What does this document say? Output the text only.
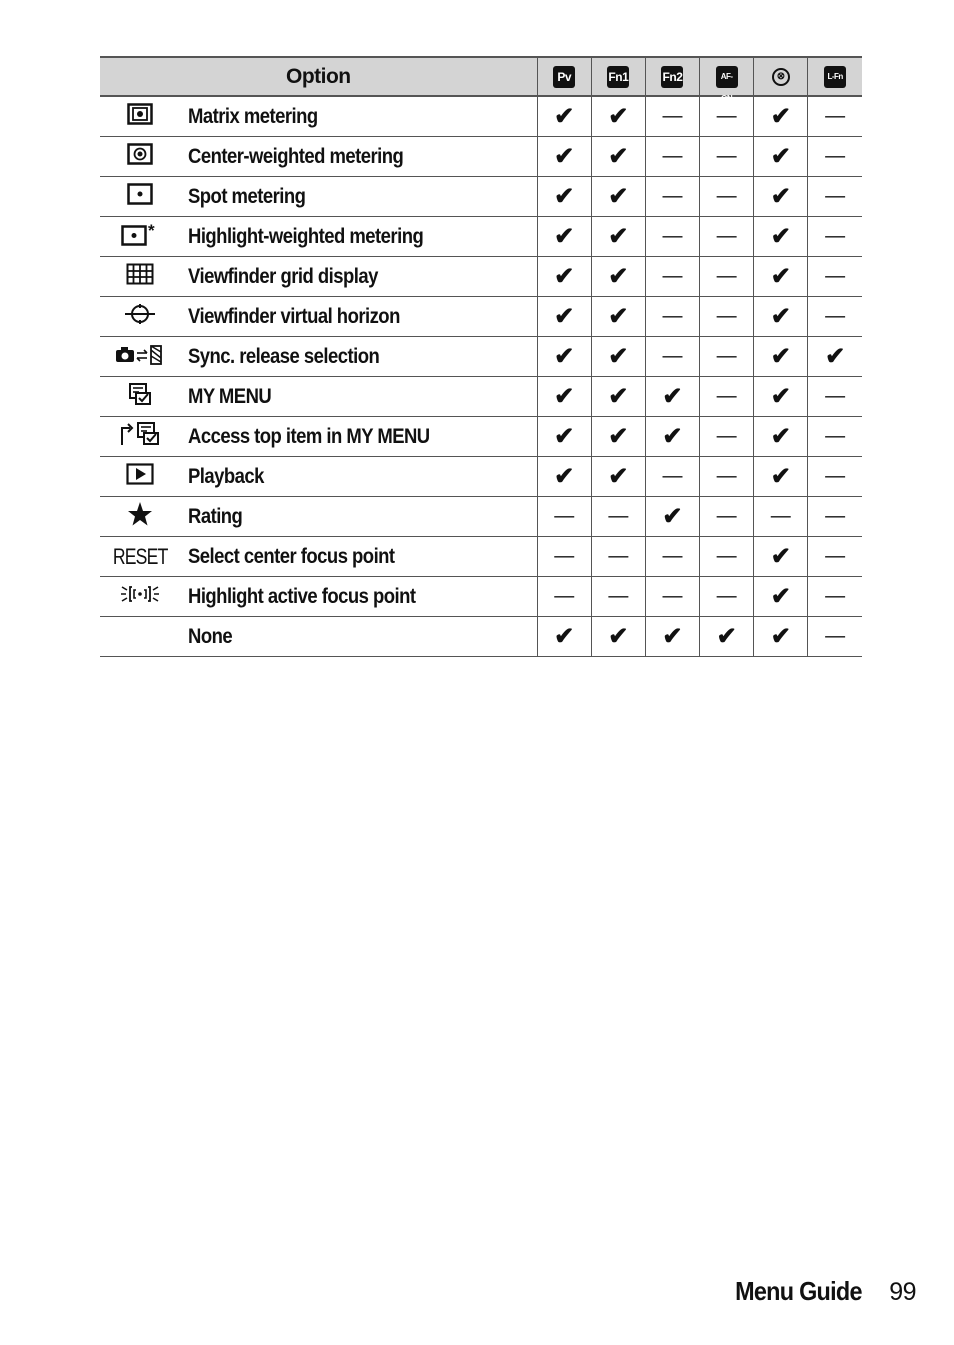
Option		Pv	Fn1	Fn2	AF-ON	⊗	L-Fn
	Matrix metering	✔	✔	—	—	✔	—
	Center-weighted metering	✔	✔	—	—	✔	—
	Spot metering	✔	✔	—	—	✔	—

*	Highlight-weighted metering	✔	✔	—	—	✔	—
	Viewfinder grid display	✔	✔	—	—	✔	—
	Viewfinder virtual horizon	✔	✔	—	—	✔	—
	Sync. release selection	✔	✔	—	—	✔	✔
	MY MENU	✔	✔	✔	—	✔	—
	Access top item in MY MENU	✔	✔	✔	—	✔	—
	Playback	✔	✔	—	—	✔	—
	Rating	—	—	✔	—	—	—
RESET	Select center focus point	—	—	—	—	✔	—
	Highlight active focus point	—	—	—	—	✔	—
	None	✔	✔	✔	✔	✔	—
Menu Guide 99
